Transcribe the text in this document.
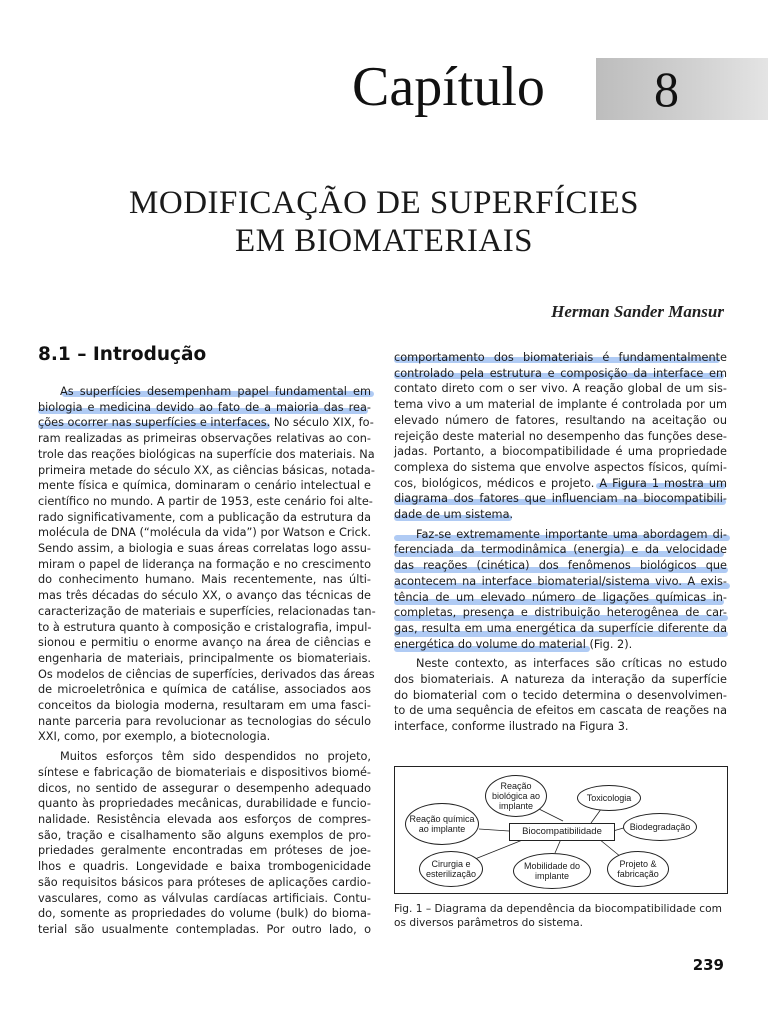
Capítulo 8
MODIFICAÇÃO DE SUPERFÍCIES
EM BIOMATERIAIS
Herman Sander Mansur
8.1 – Introdução
As superfícies desempenham papel fundamental em
biologia e medicina devido ao fato de a maioria das rea-
ções ocorrer nas superfícies e interfaces. No século XIX, fo-
ram realizadas as primeiras observações relativas ao con-
trole das reações biológicas na superfície dos materiais. Na
primeira metade do século XX, as ciências básicas, notada-
mente física e química, dominaram o cenário intelectual e
científico no mundo. A partir de 1953, este cenário foi alte-
rado significativamente, com a publicação da estrutura da
molécula de DNA (“molécula da vida”) por Watson e Crick.
Sendo assim, a biologia e suas áreas correlatas logo assu-
miram o papel de liderança na formação e no crescimento
do conhecimento humano. Mais recentemente, nas últi-
mas três décadas do século XX, o avanço das técnicas de
caracterização de materiais e superfícies, relacionadas tan-
to à estrutura quanto à composição e cristalografia, impul-
sionou e permitiu o enorme avanço na área de ciências e
engenharia de materiais, principalmente os biomateriais.
Os modelos de ciências de superfícies, derivados das áreas
de microeletrônica e química de catálise, associados aos
conceitos da biologia moderna, resultaram em uma fasci-
nante parceria para revolucionar as tecnologias do século
XXI, como, por exemplo, a biotecnologia.
Muitos esforços têm sido despendidos no projeto,
síntese e fabricação de biomateriais e dispositivos biomé-
dicos, no sentido de assegurar o desempenho adequado
quanto às propriedades mecânicas, durabilidade e funcio-
nalidade. Resistência elevada aos esforços de compres-
são, tração e cisalhamento são alguns exemplos de pro-
priedades geralmente encontradas em próteses de joe-
lhos e quadris. Longevidade e baixa trombogenicidade
são requisitos básicos para próteses de aplicações cardio-
vasculares, como as válvulas cardíacas artificiais. Contu-
do, somente as propriedades do volume (bulk) do bioma-
terial são usualmente contempladas. Por outro lado, o
comportamento dos biomateriais é fundamentalmente
controlado pela estrutura e composição da interface em
contato direto com o ser vivo. A reação global de um sis-
tema vivo a um material de implante é controlada por um
elevado número de fatores, resultando na aceitação ou
rejeição deste material no desempenho das funções dese-
jadas. Portanto, a biocompatibilidade é uma propriedade
complexa do sistema que envolve aspectos físicos, quími-
cos, biológicos, médicos e projeto. A Figura 1 mostra um
diagrama dos fatores que influenciam na biocompatibili-
dade de um sistema.
Faz-se extremamente importante uma abordagem di-
ferenciada da termodinâmica (energia) e da velocidade
das reações (cinética) dos fenômenos biológicos que
acontecem na interface biomaterial/sistema vivo. A exis-
tência de um elevado número de ligações químicas in-
completas, presença e distribuição heterogênea de car-
gas, resulta em uma energética da superfície diferente da
energética do volume do material (Fig. 2).
Neste contexto, as interfaces são críticas no estudo
dos biomateriais. A natureza da interação da superfície
do biomaterial com o tecido determina o desenvolvimen-
to de uma sequência de efeitos em cascata de reações na
interface, conforme ilustrado na Figura 3.
Reação biológica ao implante
Toxicologia
Reação química ao implante	Biodegradação
Biocompatibilidade
Cirurgia e esterilização
Mobilidade do implante
Projeto & fabricação
Fig. 1 – Diagrama da dependência da biocompatibilidade com os diversos parâmetros do sistema.
239
